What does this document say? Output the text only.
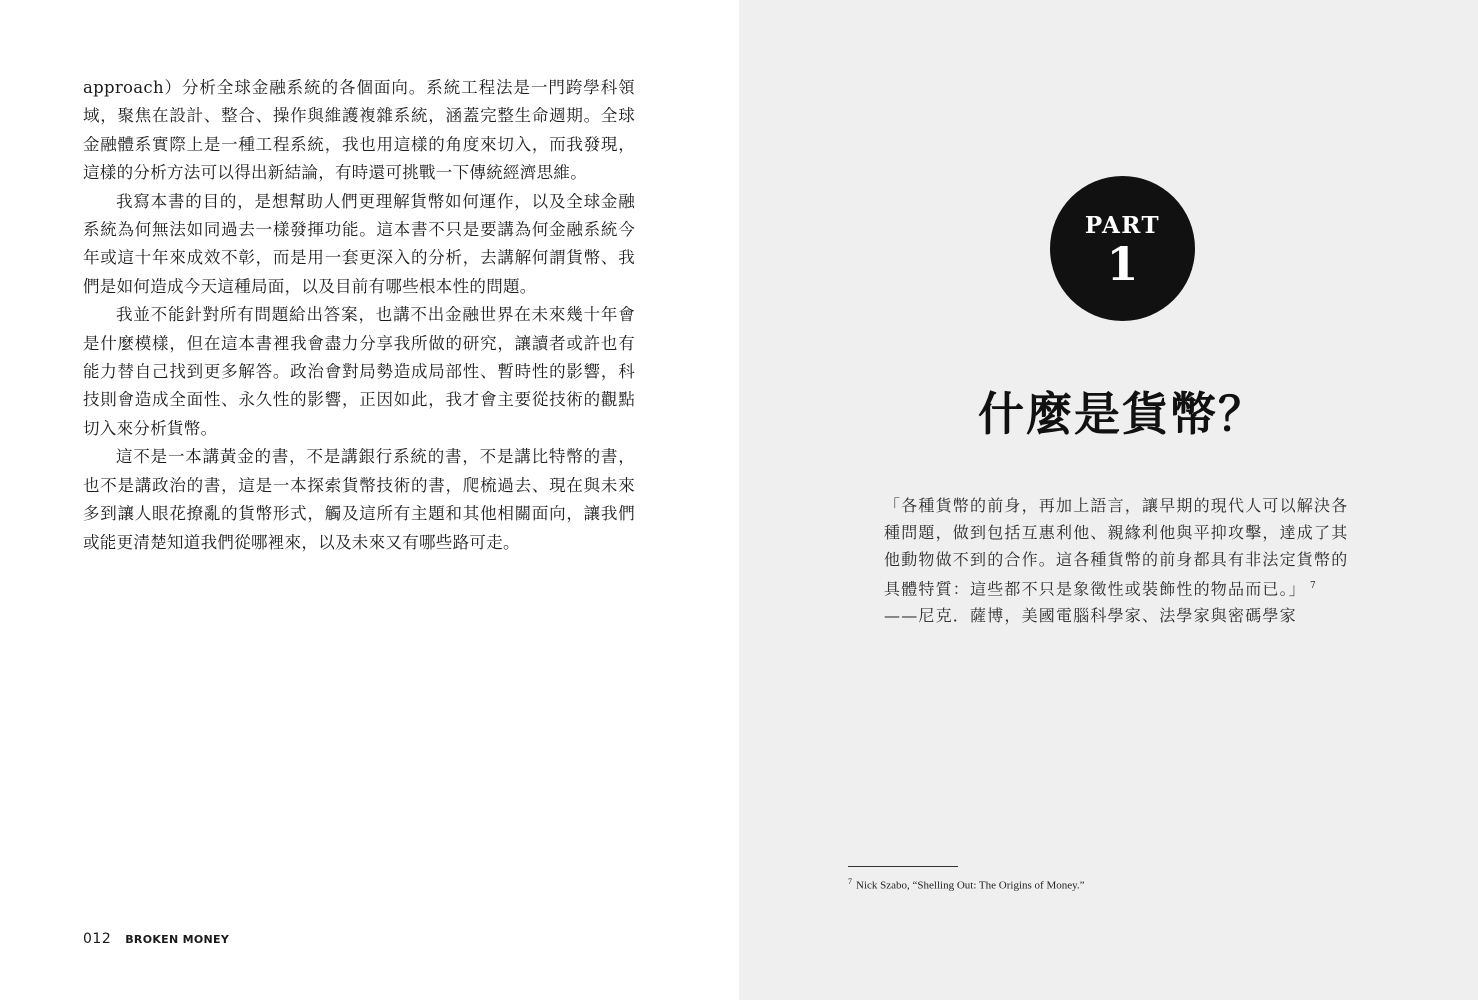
approach）分析全球金融系統的各個面向。系統工程法是一門跨學科領域，聚焦在設計、整合、操作與維護複雜系統，涵蓋完整生命週期。全球金融體系實際上是一種工程系統，我也用這樣的角度來切入，而我發現，這樣的分析方法可以得出新結論，有時還可挑戰一下傳統經濟思維。

我寫本書的目的，是想幫助人們更理解貨幣如何運作，以及全球金融系統為何無法如同過去一樣發揮功能。這本書不只是要講為何金融系統今年或這十年來成效不彰，而是用一套更深入的分析，去講解何謂貨幣、我們是如何造成今天這種局面，以及目前有哪些根本性的問題。

我並不能針對所有問題給出答案，也講不出金融世界在未來幾十年會是什麼模樣，但在這本書裡我會盡力分享我所做的研究，讓讀者或許也有能力替自己找到更多解答。政治會對局勢造成局部性、暫時性的影響，科技則會造成全面性、永久性的影響，正因如此，我才會主要從技術的觀點切入來分析貨幣。

這不是一本講黃金的書，不是講銀行系統的書，不是講比特幣的書，也不是講政治的書，這是一本探索貨幣技術的書，爬梳過去、現在與未來多到讓人眼花撩亂的貨幣形式，觸及這所有主題和其他相關面向，讓我們或能更清楚知道我們從哪裡來，以及未來又有哪些路可走。

012 BROKEN MONEY
PART
1
什麼是貨幣？

「各種貨幣的前身，再加上語言，讓早期的現代人可以解決各種問題，做到包括互惠利他、親緣利他與平抑攻擊，達成了其他動物做不到的合作。這各種貨幣的前身都具有非法定貨幣的具體特質：這些都不只是象徵性或裝飾性的物品而已。」 $^7$

——尼克．薩博，美國電腦科學家、法學家與密碼學家

$^7$ Nick Szabo, “Shelling Out: The Origins of Money.”
